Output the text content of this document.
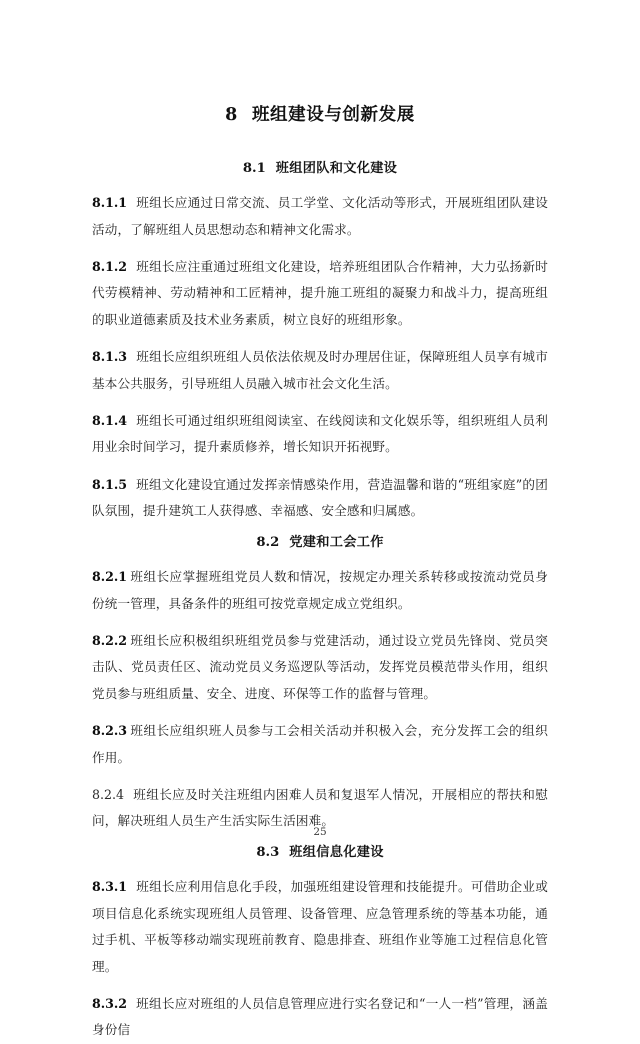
8 班组建设与创新发展
8.1 班组团队和文化建设

8.1.1 班组长应通过日常交流、员工学堂、文化活动等形式，开展班组团队建设活动，了解班组人员思想动态和精神文化需求。

8.1.2 班组长应注重通过班组文化建设，培养班组团队合作精神，大力弘扬新时代劳模精神、劳动精神和工匠精神，提升施工班组的凝聚力和战斗力，提高班组的职业道德素质及技术业务素质，树立良好的班组形象。

8.1.3 班组长应组织班组人员依法依规及时办理居住证，保障班组人员享有城市基本公共服务，引导班组人员融入城市社会文化生活。

8.1.4 班组长可通过组织班组阅读室、在线阅读和文化娱乐等，组织班组人员利用业余时间学习，提升素质修养，增长知识开拓视野。

8.1.5 班组文化建设宜通过发挥亲情感染作用，营造温馨和谐的“班组家庭”的团队氛围，提升建筑工人获得感、幸福感、安全感和归属感。

8.2 党建和工会工作

8.2.1 班组长应掌握班组党员人数和情况，按规定办理关系转移或按流动党员身份统一管理，具备条件的班组可按党章规定成立党组织。

8.2.2 班组长应积极组织班组党员参与党建活动，通过设立党员先锋岗、党员突击队、党员责任区、流动党员义务巡逻队等活动，发挥党员模范带头作用，组织党员参与班组质量、安全、进度、环保等工作的监督与管理。

8.2.3 班组长应组织班人员参与工会相关活动并积极入会，充分发挥工会的组织作用。

8.2.4 班组长应及时关注班组内困难人员和复退军人情况，开展相应的帮扶和慰问，解决班组人员生产生活实际生活困难。

8.3 班组信息化建设

8.3.1 班组长应利用信息化手段，加强班组建设管理和技能提升。可借助企业或项目信息化系统实现班组人员管理、设备管理、应急管理系统的等基本功能，通过手机、平板等移动端实现班前教育、隐患排查、班组作业等施工过程信息化管理。

8.3.2 班组长应对班组的人员信息管理应进行实名登记和“一人一档”管理，涵盖身份信

25
